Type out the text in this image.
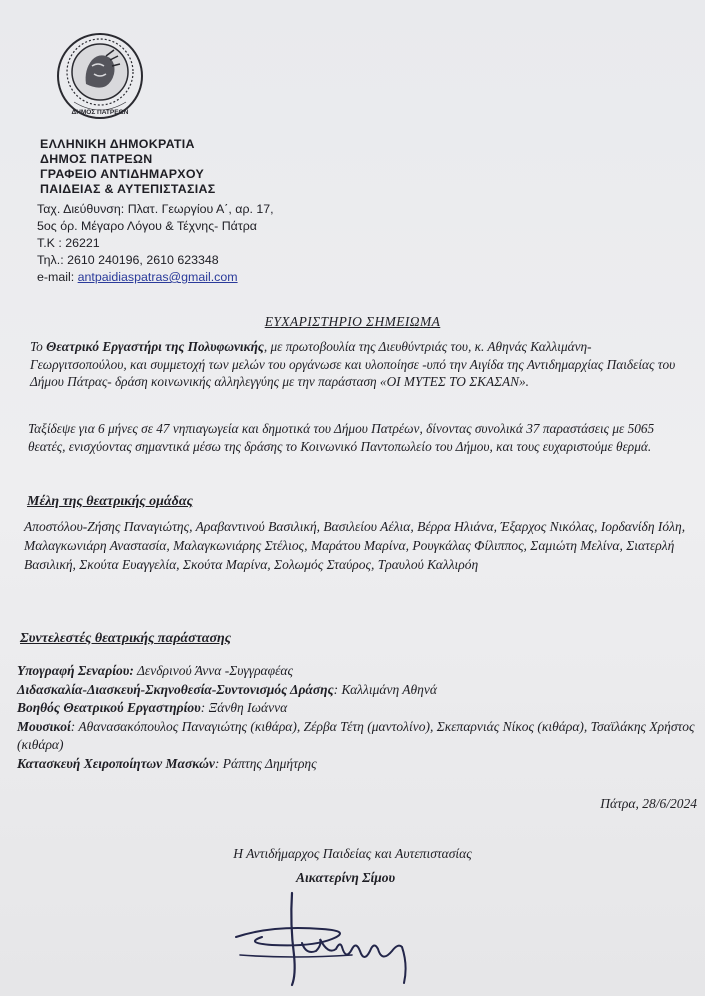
ΔΗΜΟΣ ΠΑΤΡΕΩΝ
ΕΛΛΗΝΙΚΗ ΔΗΜΟΚΡΑΤΙΑ
ΔΗΜΟΣ ΠΑΤΡΕΩΝ
ΓΡΑΦΕΙΟ ΑΝΤΙΔΗΜΑΡΧΟΥ
ΠΑΙΔΕΙΑΣ & ΑΥΤΕΠΙΣΤΑΣΙΑΣ
Ταχ. Διεύθυνση: Πλατ. Γεωργίου Α΄, αρ. 17,
5ος όρ. Μέγαρο Λόγου & Τέχνης- Πάτρα
Τ.Κ : 26221
Τηλ.: 2610 240196, 2610 623348
e-mail: antpaidiaspatras@gmail.com
ΕΥΧΑΡΙΣΤΗΡΙΟ ΣΗΜΕΙΩΜΑ
Το Θεατρικό Εργαστήρι της Πολυφωνικής, με πρωτοβουλία της Διευθύντριάς του, κ. Αθηνάς Καλλιμάνη- Γεωργιτσοπούλου, και συμμετοχή των μελών του οργάνωσε και υλοποίησε -υπό την Αιγίδα της Αντιδημαρχίας Παιδείας του Δήμου Πάτρας- δράση κοινωνικής αλληλεγγύης με την παράσταση «ΟΙ ΜΥΤΕΣ ΤΟ ΣΚΑΣΑΝ».
Ταξίδεψε για 6 μήνες σε 47 νηπιαγωγεία και δημοτικά του Δήμου Πατρέων, δίνοντας συνολικά 37 παραστάσεις με 5065 θεατές, ενισχύοντας σημαντικά μέσω της δράσης το Κοινωνικό Παντοπωλείο του Δήμου, και τους ευχαριστούμε θερμά.
Μέλη της θεατρικής ομάδας
Αποστόλου-Ζήσης Παναγιώτης, Αραβαντινού Βασιλική, Βασιλείου Αέλια, Βέρρα Ηλιάνα, Έξαρχος Νικόλας, Ιορδανίδη Ιόλη, Μαλαγκωνιάρη Αναστασία, Μαλαγκωνιάρης Στέλιος, Μαράτου Μαρίνα, Ρουγκάλας Φίλιππος, Σαμιώτη Μελίνα, Σιατερλή Βασιλική, Σκούτα Ευαγγελία, Σκούτα Μαρίνα, Σολωμός Σταύρος, Τραυλού Καλλιρόη
Συντελεστές θεατρικής παράστασης
Υπογραφή Σεναρίου: Δενδρινού Άννα -Συγγραφέας
Διδασκαλία-Διασκευή-Σκηνοθεσία-Συντονισμός Δράσης: Καλλιμάνη Αθηνά
Βοηθός Θεατρικού Εργαστηρίου: Ξάνθη Ιωάννα
Μουσικοί: Αθανασακόπουλος Παναγιώτης (κιθάρα), Ζέρβα Τέτη (μαντολίνο), Σκεπαρνιάς Νίκος (κιθάρα), Τσαϊλάκης Χρήστος (κιθάρα)
Κατασκευή Χειροποίητων Μασκών: Ράπτης Δημήτρης
Πάτρα, 28/6/2024
Η Αντιδήμαρχος Παιδείας και Αυτεπιστασίας
Αικατερίνη Σίμου
